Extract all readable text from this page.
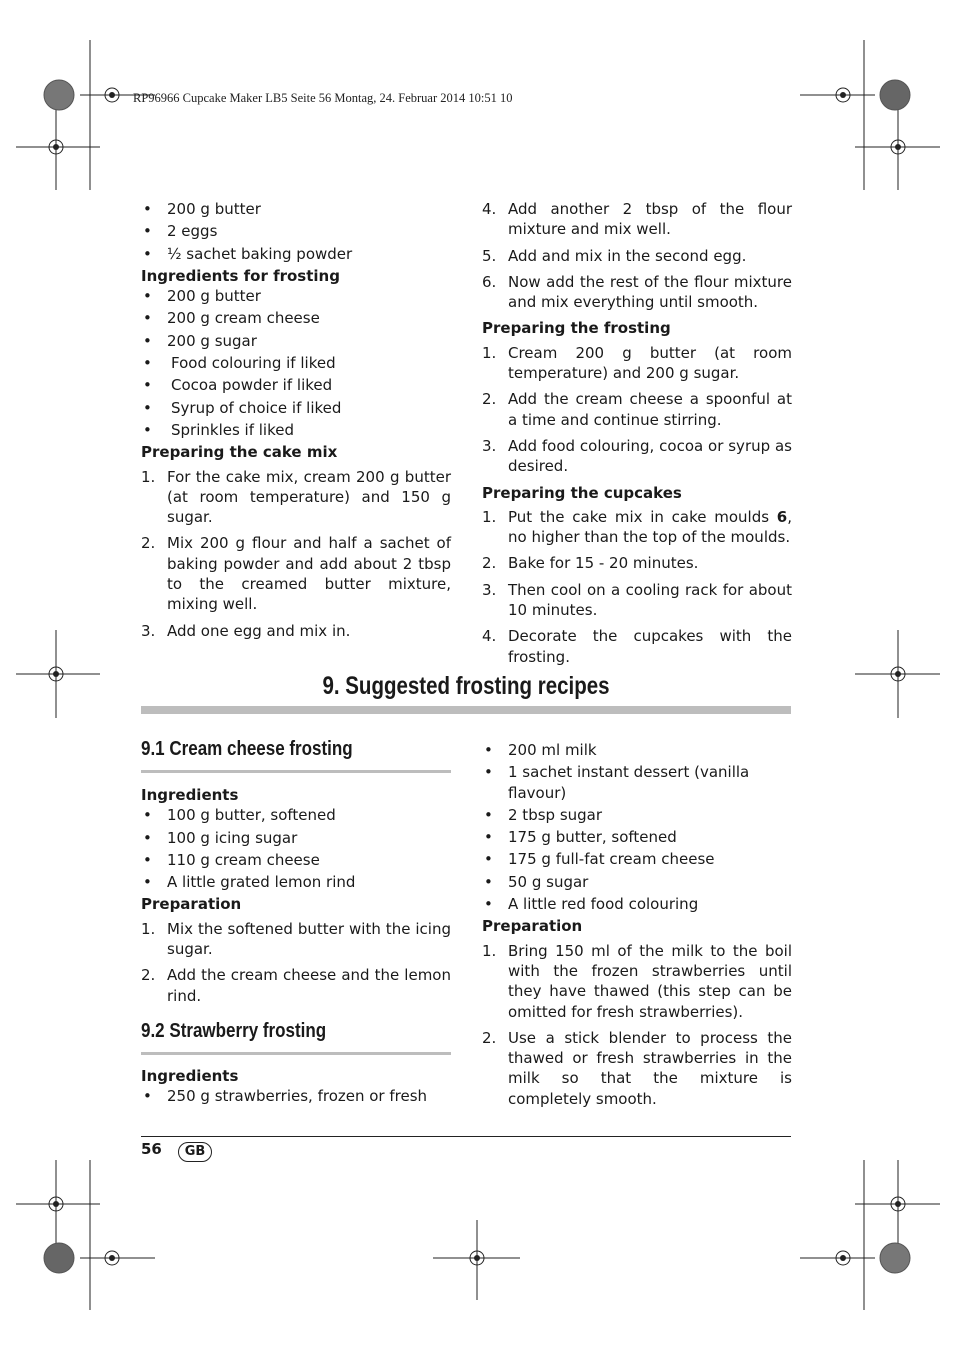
RP96966 Cupcake Maker LB5 Seite 56 Montag, 24. Februar 2014 10:51 10
• 200 g butter
• 2 eggs
• ½ sachet baking powder

Ingredients for frosting

• 200 g butter
• 200 g cream cheese
• 200 g sugar
• Food colouring if liked
• Cocoa powder if liked
• Syrup of choice if liked
• Sprinkles if liked

Preparing the cake mix

1. For the cake mix, cream 200 g butter (at room temperature) and 150 g sugar.
2. Mix 200 g flour and half a sachet of baking powder and add about 2 tbsp to the creamed butter mixture, mixing well.
3. Add one egg and mix in.
4. Add another 2 tbsp of the flour mixture and mix well.
5. Add and mix in the second egg.
6. Now add the rest of the flour mixture and mix everything until smooth.

Preparing the frosting

1. Cream 200 g butter (at room temperature) and 200 g sugar.
2. Add the cream cheese a spoonful at a time and continue stirring.
3. Add food colouring, cocoa or syrup as desired.

Preparing the cupcakes

1. Put the cake mix in cake moulds 6, no higher than the top of the moulds.
2. Bake for 15 - 20 minutes.
3. Then cool on a cooling rack for about 10 minutes.
4. Decorate the cupcakes with the frosting.
9. Suggested frosting recipes
9.1 Cream cheese frosting

Ingredients

• 100 g butter, softened
• 100 g icing sugar
• 110 g cream cheese
• A little grated lemon rind

Preparation

1. Mix the softened butter with the icing sugar.
2. Add the cream cheese and the lemon rind.
9.2 Strawberry frosting

Ingredients

• 250 g strawberries, frozen or fresh
• 200 ml milk
• 1 sachet instant dessert (vanilla flavour)
• 2 tbsp sugar
• 175 g butter, softened
• 175 g full-fat cream cheese
• 50 g sugar
• A little red food colouring

Preparation

1. Bring 150 ml of the milk to the boil with the frozen strawberries until they have thawed (this step can be omitted for fresh strawberries).
2. Use a stick blender to process the thawed or fresh strawberries in the milk so that the mixture is completely smooth.
56	GB
